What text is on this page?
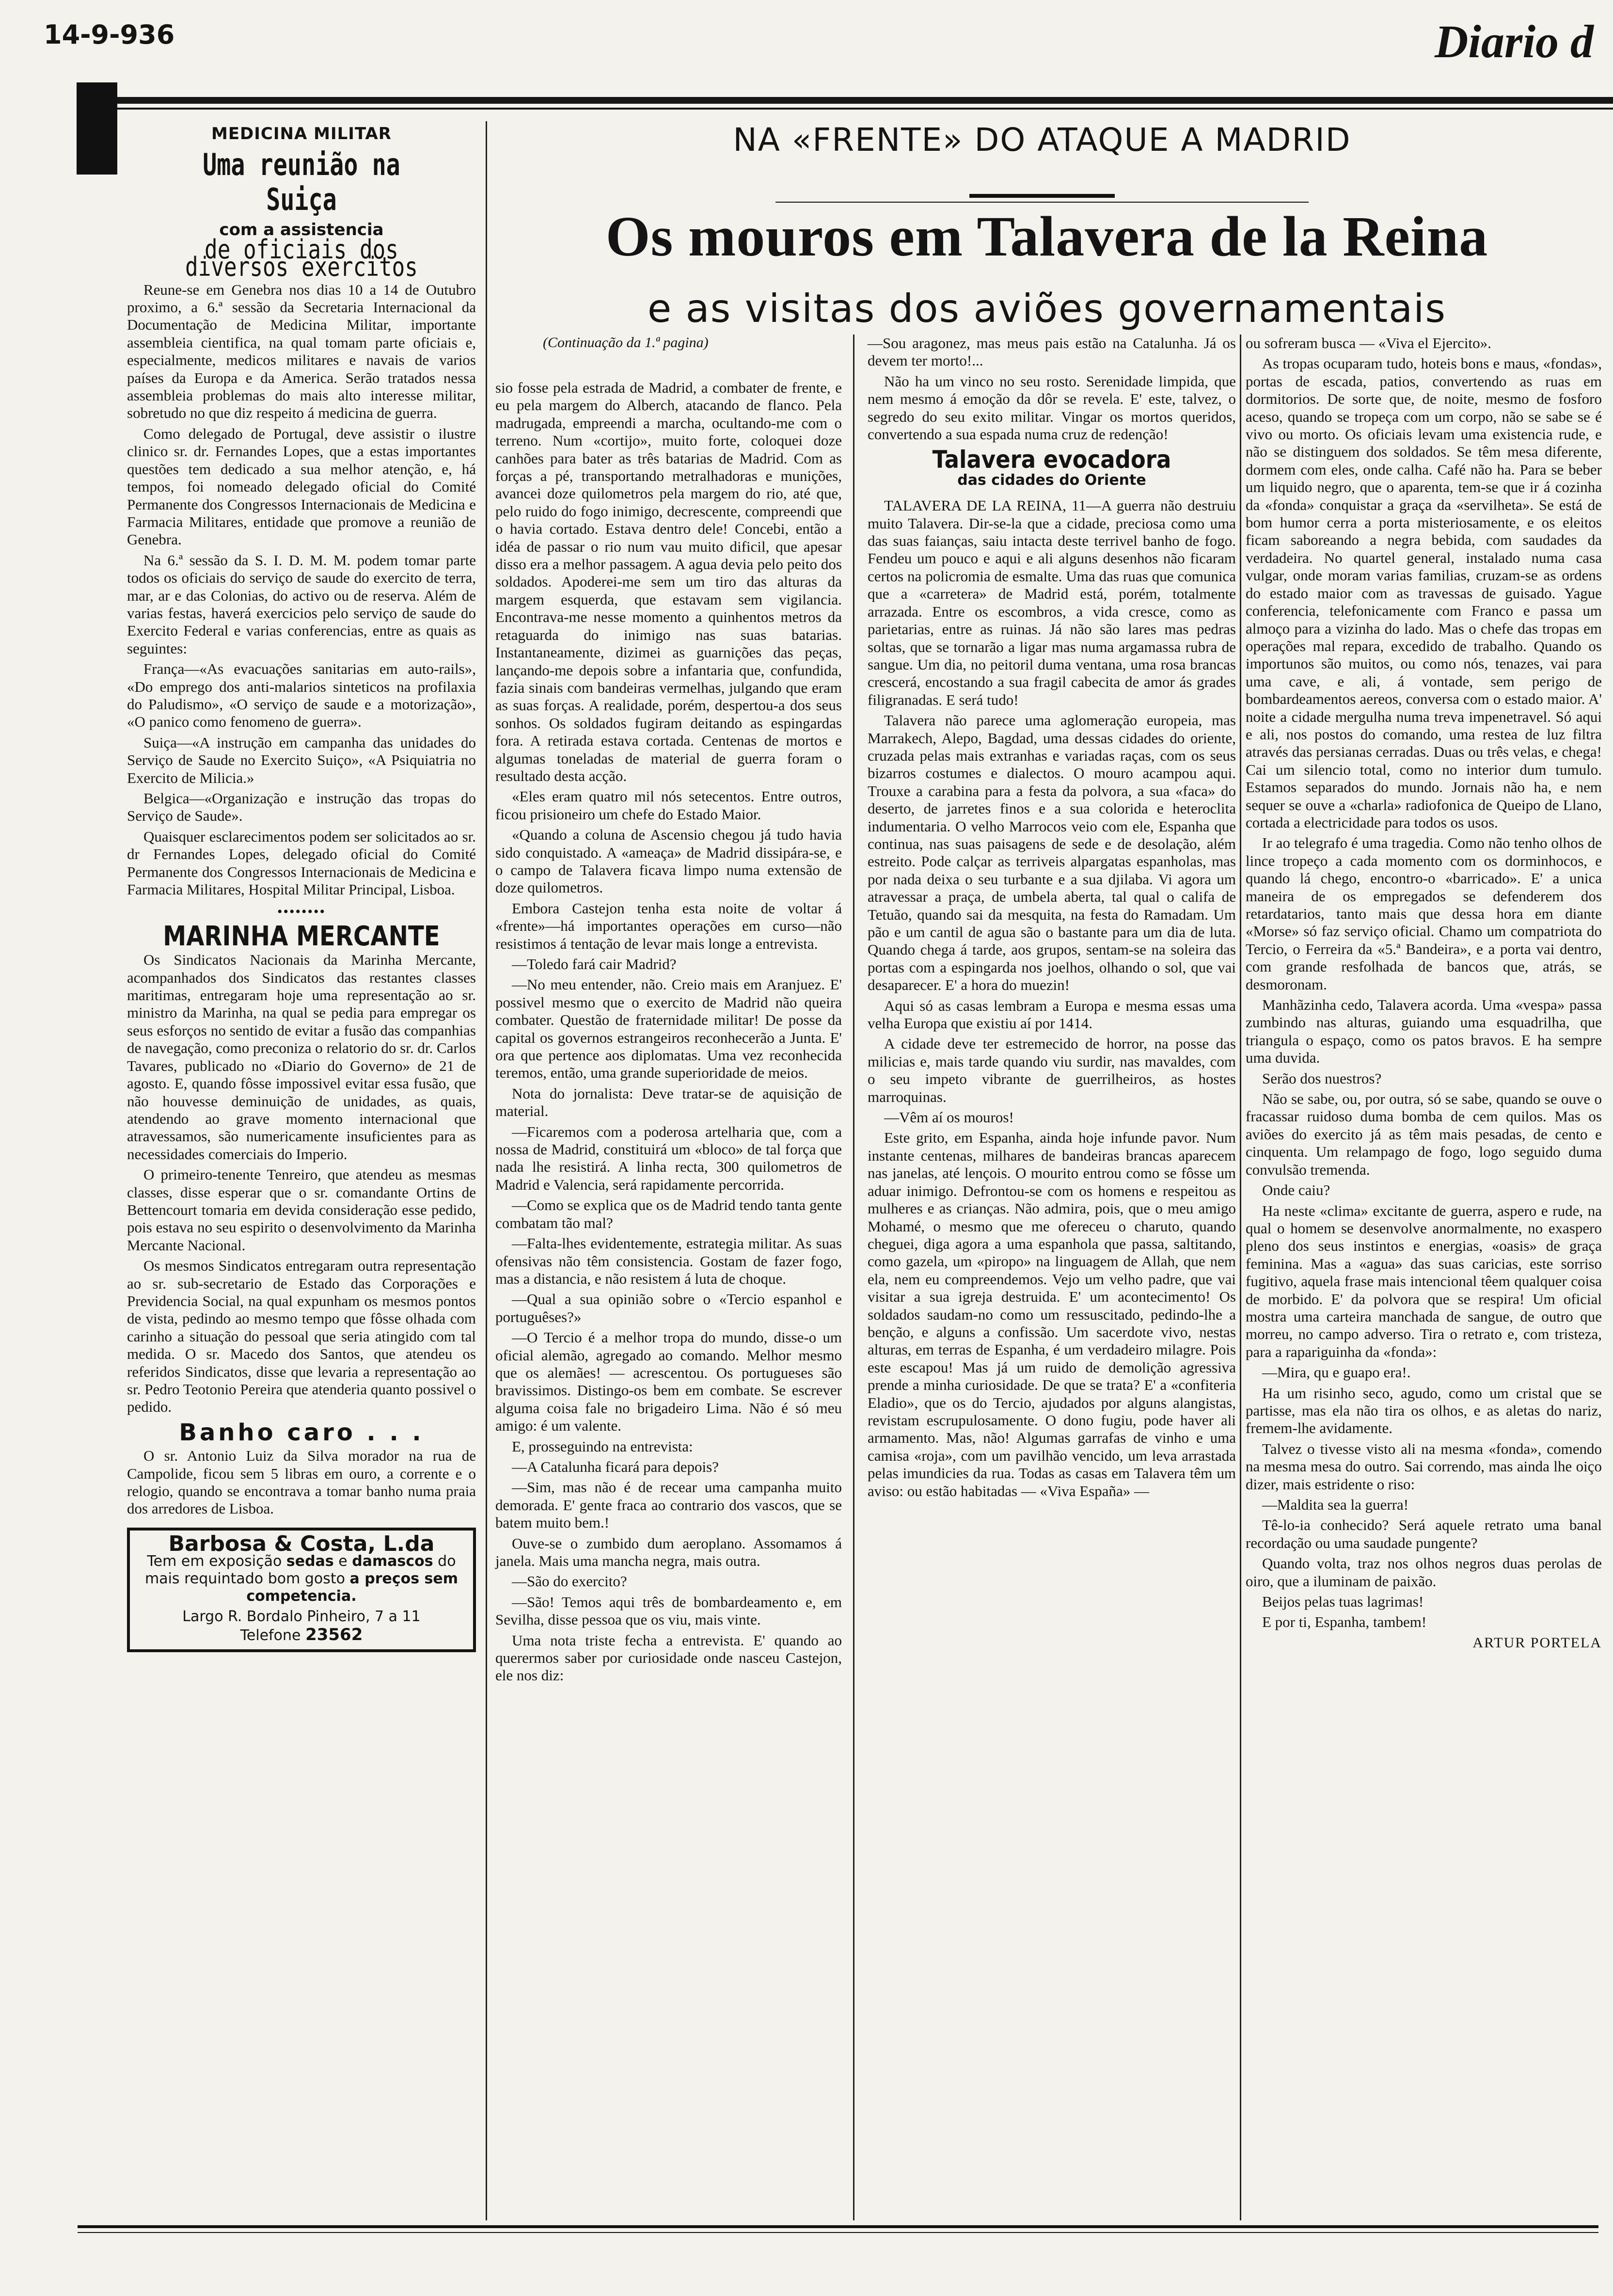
14-9-936	Diario d
MEDICINA MILITAR
Uma reunião na Suiça
com a assistencia
de oficiais dos diversos exercitos

Reune-se em Genebra nos dias 10 a 14 de Outubro proximo, a 6.ª sessão da Secretaria Internacional da Documentação de Medicina Militar, importante assembleia cientifica, na qual tomam parte oficiais e, especialmente, medicos militares e navais de varios países da Europa e da America. Serão tratados nessa assembleia problemas do mais alto interesse militar, sobretudo no que diz respeito á medicina de guerra.

Como delegado de Portugal, deve assistir o ilustre clinico sr. dr. Fernandes Lopes, que a estas importantes questões tem dedicado a sua melhor atenção, e, há tempos, foi nomeado delegado oficial do Comité Permanente dos Congressos Internacionais de Medicina e Farmacia Militares, entidade que promove a reunião de Genebra.

Na 6.ª sessão da S. I. D. M. M. podem tomar parte todos os oficiais do serviço de saude do exercito de terra, mar, ar e das Colonias, do activo ou de reserva. Além de varias festas, haverá exercicios pelo serviço de saude do Exercito Federal e varias conferencias, entre as quais as seguintes:

França—«As evacuações sanitarias em auto-rails», «Do emprego dos anti-malarios sinteticos na profilaxia do Paludismo», «O serviço de saude e a motorização», «O panico como fenomeno de guerra».

Suiça—«A instrução em campanha das unidades do Serviço de Saude no Exercito Suiço», «A Psiquiatria no Exercito de Milicia.»

Belgica—«Organização e instrução das tropas do Serviço de Saude».

Quaisquer esclarecimentos podem ser solicitados ao sr. dr Fernandes Lopes, delegado oficial do Comité Permanente dos Congressos Internacionais de Medicina e Farmacia Militares, Hospital Militar Principal, Lisboa.

••••••••
MARINHA MERCANTE

Os Sindicatos Nacionais da Marinha Mercante, acompanhados dos Sindicatos das restantes classes maritimas, entregaram hoje uma representação ao sr. ministro da Marinha, na qual se pedia para empregar os seus esforços no sentido de evitar a fusão das companhias de navegação, como preconiza o relatorio do sr. dr. Carlos Tavares, publicado no «Diario do Governo» de 21 de agosto. E, quando fôsse impossivel evitar essa fusão, que não houvesse deminuição de unidades, as quais, atendendo ao grave momento internacional que atravessamos, são numericamente insuficientes para as necessidades comerciais do Imperio.

O primeiro-tenente Tenreiro, que atendeu as mesmas classes, disse esperar que o sr. comandante Ortins de Bettencourt tomaria em devida consideração esse pedido, pois estava no seu espirito o desenvolvimento da Marinha Mercante Nacional.

Os mesmos Sindicatos entregaram outra representação ao sr. sub-secretario de Estado das Corporações e Previdencia Social, na qual expunham os mesmos pontos de vista, pedindo ao mesmo tempo que fôsse olhada com carinho a situação do pessoal que seria atingido com tal medida. O sr. Macedo dos Santos, que atendeu os referidos Sindicatos, disse que levaria a representação ao sr. Pedro Teotonio Pereira que atenderia quanto possivel o pedido.

Banho caro . . .

O sr. Antonio Luiz da Silva morador na rua de Campolide, ficou sem 5 libras em ouro, a corrente e o relogio, quando se encontrava a tomar banho numa praia dos arredores de Lisboa.

Barbosa & Costa, L.da
Tem em exposição sedas e damascos do mais requintado bom gosto a preços sem competencia.
Largo R. Bordalo Pinheiro, 7 a 11
Telefone 23562
NA «FRENTE» DO ATAQUE A MADRID
Os mouros em Talavera de la Reina
e as visitas dos aviões governamentais
(Continuação da 1.ª pagina)

sio fosse pela estrada de Madrid, a combater de frente, e eu pela margem do Alberch, atacando de flanco. Pela madrugada, empreendi a marcha, ocultando-me com o terreno. Num «cortijo», muito forte, coloquei doze canhões para bater as três batarias de Madrid. Com as forças a pé, transportando metralhadoras e munições, avancei doze quilometros pela margem do rio, até que, pelo ruido do fogo inimigo, decrescente, compreendi que o havia cortado. Estava dentro dele! Concebi, então a idéa de passar o rio num vau muito dificil, que apesar disso era a melhor passagem. A agua devia pelo peito dos soldados. Apoderei-me sem um tiro das alturas da margem esquerda, que estavam sem vigilancia. Encontrava-me nesse momento a quinhentos metros da retaguarda do inimigo nas suas batarias. Instantaneamente, dizimei as guarnições das peças, lançando-me depois sobre a infantaria que, confundida, fazia sinais com bandeiras vermelhas, julgando que eram as suas forças. A realidade, porém, despertou-a dos seus sonhos. Os soldados fugiram deitando as espingardas fora. A retirada estava cortada. Centenas de mortos e algumas toneladas de material de guerra foram o resultado desta acção.

«Eles eram quatro mil nós setecentos. Entre outros, ficou prisioneiro um chefe do Estado Maior.

«Quando a coluna de Ascensio chegou já tudo havia sido conquistado. A «ameaça» de Madrid dissipára-se, e o campo de Talavera ficava limpo numa extensão de doze quilometros.

Embora Castejon tenha esta noite de voltar á «frente»—há importantes operações em curso—não resistimos á tentação de levar mais longe a entrevista.

—Toledo fará cair Madrid?

—No meu entender, não. Creio mais em Aranjuez. E' possivel mesmo que o exercito de Madrid não queira combater. Questão de fraternidade militar! De posse da capital os governos estrangeiros reconhecerão a Junta. E' ora que pertence aos diplomatas. Uma vez reconhecida teremos, então, uma grande superioridade de meios.

Nota do jornalista: Deve tratar-se de aquisição de material.

—Ficaremos com a poderosa artelharia que, com a nossa de Madrid, constituirá um «bloco» de tal força que nada lhe resistirá. A linha recta, 300 quilometros de Madrid e Valencia, será rapidamente percorrida.

—Como se explica que os de Madrid tendo tanta gente combatam tão mal?

—Falta-lhes evidentemente, estrategia militar. As suas ofensivas não têm consistencia. Gostam de fazer fogo, mas a distancia, e não resistem á luta de choque.

—Qual a sua opinião sobre o «Tercio espanhol e portuguêses?»

—O Tercio é a melhor tropa do mundo, disse-o um oficial alemão, agregado ao comando. Melhor mesmo que os alemães! — acrescentou. Os portugueses são bravissimos. Distingo-os bem em combate. Se escrever alguma coisa fale no brigadeiro Lima. Não é só meu amigo: é um valente.

E, prosseguindo na entrevista:

—A Catalunha ficará para depois?

—Sim, mas não é de recear uma campanha muito demorada. E' gente fraca ao contrario dos vascos, que se batem muito bem.!

Ouve-se o zumbido dum aeroplano. Assomamos á janela. Mais uma mancha negra, mais outra.

—São do exercito?

—São! Temos aqui três de bombardeamento e, em Sevilha, disse pessoa que os viu, mais vinte.

Uma nota triste fecha a entrevista. E' quando ao querermos saber por curiosidade onde nasceu Castejon, ele nos diz:

—Sou aragonez, mas meus pais estão na Catalunha. Já os devem ter morto!...

Não ha um vinco no seu rosto. Serenidade limpida, que nem mesmo á emoção da dôr se revela. E' este, talvez, o segredo do seu exito militar. Vingar os mortos queridos, convertendo a sua espada numa cruz de redenção!

Talavera evocadora
das cidades do Oriente

TALAVERA DE LA REINA, 11—A guerra não destruiu muito Talavera. Dir-se-la que a cidade, preciosa como uma das suas faianças, saiu intacta deste terrivel banho de fogo. Fendeu um pouco e aqui e ali alguns desenhos não ficaram certos na policromia de esmalte. Uma das ruas que comunica que a «carretera» de Madrid está, porém, totalmente arrazada. Entre os escombros, a vida cresce, como as parietarias, entre as ruinas. Já não são lares mas pedras soltas, que se tornarão a ligar mas numa argamassa rubra de sangue. Um dia, no peitoril duma ventana, uma rosa brancas crescerá, encostando a sua fragil cabecita de amor ás grades filigranadas. E será tudo!

Talavera não parece uma aglomeração europeia, mas Marrakech, Alepo, Bagdad, uma dessas cidades do oriente, cruzada pelas mais extranhas e variadas raças, com os seus bizarros costumes e dialectos. O mouro acampou aqui. Trouxe a carabina para a festa da polvora, a sua «faca» do deserto, de jarretes finos e a sua colorida e heteroclita indumentaria. O velho Marrocos veio com ele, Espanha que continua, nas suas paisagens de sede e de desolação, além estreito. Pode calçar as terriveis alpargatas espanholas, mas por nada deixa o seu turbante e a sua djilaba. Vi agora um atravessar a praça, de umbela aberta, tal qual o califa de Tetuão, quando sai da mesquita, na festa do Ramadam. Um pão e um cantil de agua são o bastante para um dia de luta. Quando chega á tarde, aos grupos, sentam-se na soleira das portas com a espingarda nos joelhos, olhando o sol, que vai desaparecer. E' a hora do muezin!

Aqui só as casas lembram a Europa e mesma essas uma velha Europa que existiu aí por 1414.

A cidade deve ter estremecido de horror, na posse das milicias e, mais tarde quando viu surdir, nas mavaldes, com o seu impeto vibrante de guerrilheiros, as hostes marroquinas.

—Vêm aí os mouros!

Este grito, em Espanha, ainda hoje infunde pavor. Num instante centenas, milhares de bandeiras brancas aparecem nas janelas, até lençois. O mourito entrou como se fôsse um aduar inimigo. Defrontou-se com os homens e respeitou as mulheres e as crianças. Não admira, pois, que o meu amigo Mohamé, o mesmo que me ofereceu o charuto, quando cheguei, diga agora a uma espanhola que passa, saltitando, como gazela, um «piropo» na linguagem de Allah, que nem ela, nem eu compreendemos. Vejo um velho padre, que vai visitar a sua igreja destruida. E' um acontecimento! Os soldados saudam-no como um ressuscitado, pedindo-lhe a benção, e alguns a confissão. Um sacerdote vivo, nestas alturas, em terras de Espanha, é um verdadeiro milagre. Pois este escapou! Mas já um ruido de demolição agressiva prende a minha curiosidade. De que se trata? E' a «confiteria Eladio», que os do Tercio, ajudados por alguns alangistas, revistam escrupulosamente. O dono fugiu, pode haver ali armamento. Mas, não! Algumas garrafas de vinho e uma camisa «roja», com um pavilhão vencido, um leva arrastada pelas imundicies da rua. Todas as casas em Talavera têm um aviso: ou estão habitadas — «Viva España» —

ou sofreram busca — «Viva el Ejercito».

As tropas ocuparam tudo, hoteis bons e maus, «fondas», portas de escada, patios, convertendo as ruas em dormitorios. De sorte que, de noite, mesmo de fosforo aceso, quando se tropeça com um corpo, não se sabe se é vivo ou morto. Os oficiais levam uma existencia rude, e não se distinguem dos soldados. Se têm mesa diferente, dormem com eles, onde calha. Café não ha. Para se beber um liquido negro, que o aparenta, tem-se que ir á cozinha da «fonda» conquistar a graça da «servilheta». Se está de bom humor cerra a porta misteriosamente, e os eleitos ficam saboreando a negra bebida, com saudades da verdadeira. No quartel general, instalado numa casa vulgar, onde moram varias familias, cruzam-se as ordens do estado maior com as travessas de guisado. Yague conferencia, telefonicamente com Franco e passa um almoço para a vizinha do lado. Mas o chefe das tropas em operações mal repara, excedido de trabalho. Quando os importunos são muitos, ou como nós, tenazes, vai para uma cave, e ali, á vontade, sem perigo de bombardeamentos aereos, conversa com o estado maior. A' noite a cidade mergulha numa treva impenetravel. Só aqui e ali, nos postos do comando, uma restea de luz filtra através das persianas cerradas. Duas ou três velas, e chega! Cai um silencio total, como no interior dum tumulo. Estamos separados do mundo. Jornais não ha, e nem sequer se ouve a «charla» radiofonica de Queipo de Llano, cortada a electricidade para todos os usos.

Ir ao telegrafo é uma tragedia. Como não tenho olhos de lince tropeço a cada momento com os dorminhocos, e quando lá chego, encontro-o «barricado». E' a unica maneira de os empregados se defenderem dos retardatarios, tanto mais que dessa hora em diante «Morse» só faz serviço oficial. Chamo um compatriota do Tercio, o Ferreira da «5.ª Bandeira», e a porta vai dentro, com grande resfolhada de bancos que, atrás, se desmoronam.

Manhãzinha cedo, Talavera acorda. Uma «vespa» passa zumbindo nas alturas, guiando uma esquadrilha, que triangula o espaço, como os patos bravos. E ha sempre uma duvida.

Serão dos nuestros?

Não se sabe, ou, por outra, só se sabe, quando se ouve o fracassar ruidoso duma bomba de cem quilos. Mas os aviões do exercito já as têm mais pesadas, de cento e cinquenta. Um relampago de fogo, logo seguido duma convulsão tremenda.

Onde caiu?

Ha neste «clima» excitante de guerra, aspero e rude, na qual o homem se desenvolve anormalmente, no exaspero pleno dos seus instintos e energias, «oasis» de graça feminina. Mas a «agua» das suas caricias, este sorriso fugitivo, aquela frase mais intencional têem qualquer coisa de morbido. E' da polvora que se respira! Um oficial mostra uma carteira manchada de sangue, de outro que morreu, no campo adverso. Tira o retrato e, com tristeza, para a rapariguinha da «fonda»:

—Mira, qu e guapo era!.

Ha um risinho seco, agudo, como um cristal que se partisse, mas ela não tira os olhos, e as aletas do nariz, fremem-lhe avidamente.

Talvez o tivesse visto ali na mesma «fonda», comendo na mesma mesa do outro. Sai correndo, mas ainda lhe oiço dizer, mais estridente o riso:

—Maldita sea la guerra!

Tê-lo-ia conhecido? Será aquele retrato uma banal recordação ou uma saudade pungente?

Quando volta, traz nos olhos negros duas perolas de oiro, que a iluminam de paixão.

Beijos pelas tuas lagrimas!

E por ti, Espanha, tambem!

ARTUR PORTELA
